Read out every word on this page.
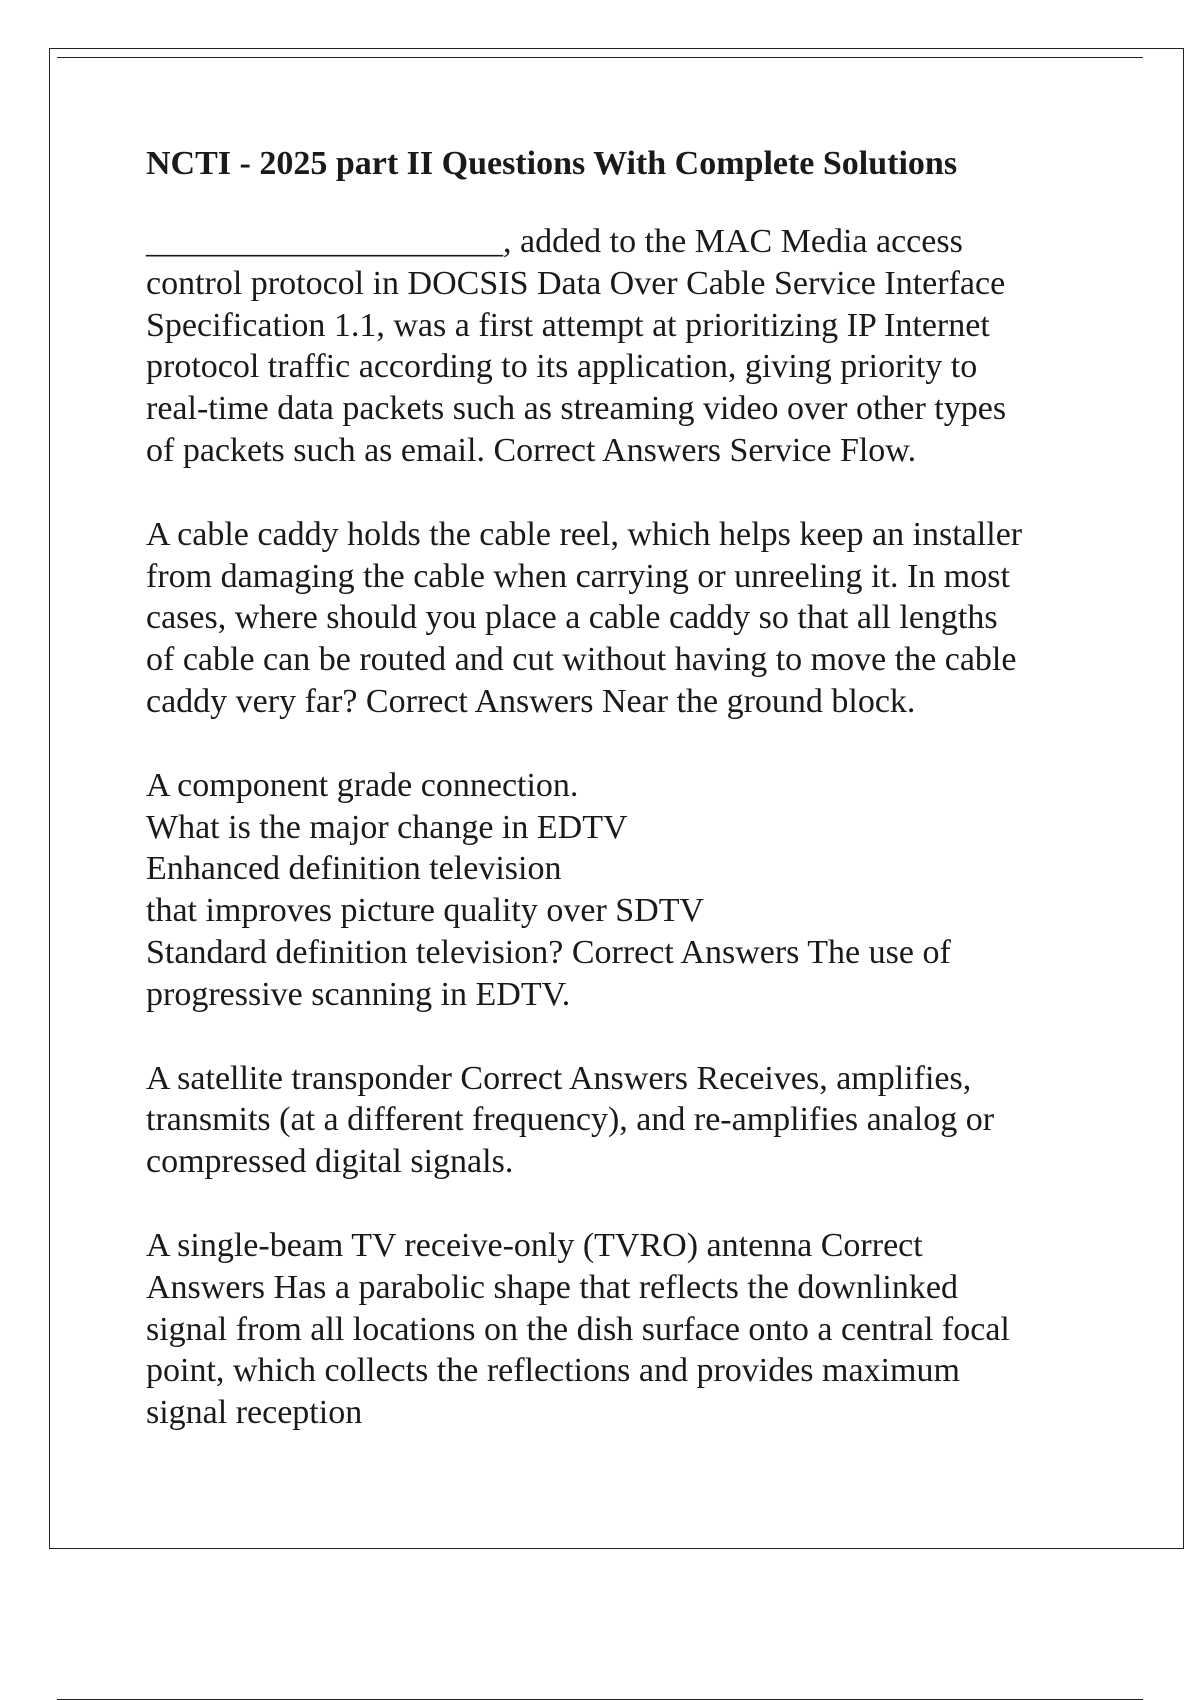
NCTI - 2025 part II Questions With Complete Solutions
_____________________, added to the MAC Media access
control protocol in DOCSIS Data Over Cable Service Interface
Specification 1.1, was a first attempt at prioritizing IP Internet
protocol traffic according to its application, giving priority to
real-time data packets such as streaming video over other types
of packets such as email. Correct Answers Service Flow.
A cable caddy holds the cable reel, which helps keep an installer
from damaging the cable when carrying or unreeling it. In most
cases, where should you place a cable caddy so that all lengths
of cable can be routed and cut without having to move the cable
caddy very far? Correct Answers Near the ground block.
A component grade connection.
What is the major change in EDTV
Enhanced definition television
that improves picture quality over SDTV
Standard definition television? Correct Answers The use of
progressive scanning in EDTV.
A satellite transponder Correct Answers Receives, amplifies,
transmits (at a different frequency), and re-amplifies analog or
compressed digital signals.
A single-beam TV receive-only (TVRO) antenna Correct
Answers Has a parabolic shape that reflects the downlinked
signal from all locations on the dish surface onto a central focal
point, which collects the reflections and provides maximum
signal reception
